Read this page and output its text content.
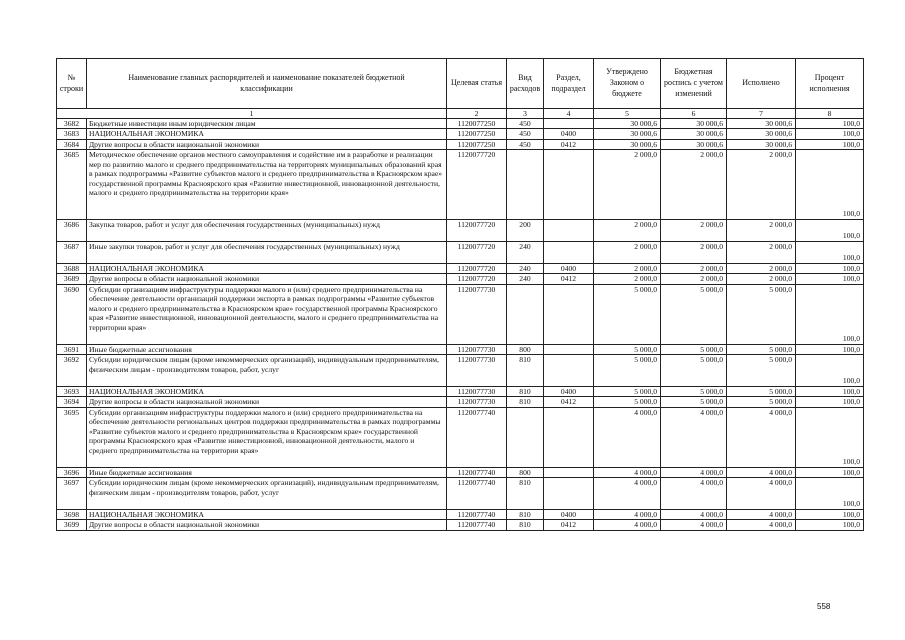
№ строки	Наименование главных распорядителей и наименование показателей бюджетной классификации	Целевая статья	Вид расходов	Раздел, подраздел	Утверждено Законом о бюджете	Бюджетная роспись с учетом изменений	Исполнено	Процент исполнения
1		2	3	4	5	6	7	8
3682	Бюджетные инвестиции иным юридическим лицам	1120077250	450		30 000,6	30 000,6	30 000,6	100,0
3683	НАЦИОНАЛЬНАЯ ЭКОНОМИКА	1120077250	450	0400	30 000,6	30 000,6	30 000,6	100,0
3684	Другие вопросы в области национальной экономики	1120077250	450	0412	30 000,6	30 000,6	30 000,6	100,0
3685	Методическое обеспечение органов местного самоуправления и содействие им в разработке и реализации мер по развитию малого и среднего предпринимательства на территориях муниципальных образований края в рамках подпрограммы «Развитие субъектов малого и среднего предпринимательства в Красноярском крае» государственной программы Красноярского края «Развитие инвестиционной, инновационной деятельности, малого и среднего предпринимательства на территории края»	1120077720			2 000,0	2 000,0	2 000,0	100,0
3686	Закупка товаров, работ и услуг для обеспечения государственных (муниципальных) нужд	1120077720	200		2 000,0	2 000,0	2 000,0	100,0
3687	Иные закупки товаров, работ и услуг для обеспечения государственных (муниципальных) нужд	1120077720	240		2 000,0	2 000,0	2 000,0	100,0
3688	НАЦИОНАЛЬНАЯ ЭКОНОМИКА	1120077720	240	0400	2 000,0	2 000,0	2 000,0	100,0
3689	Другие вопросы в области национальной экономики	1120077720	240	0412	2 000,0	2 000,0	2 000,0	100,0
3690	Субсидии организациям инфраструктуры поддержки малого и (или) среднего предпринимательства на обеспечение деятельности организаций поддержки экспорта в рамках подпрограммы «Развитие субъектов малого и среднего предпринимательства в Красноярском крае» государственной программы Красноярского края «Развитие инвестиционной, инновационной деятельности, малого и среднего предпринимательства на территории края»	1120077730			5 000,0	5 000,0	5 000,0	100,0
3691	Иные бюджетные ассигнования	1120077730	800		5 000,0	5 000,0	5 000,0	100,0
3692	Субсидии юридическим лицам (кроме некоммерческих организаций), индивидуальным предпринимателям, физическим лицам - производителям товаров, работ, услуг	1120077730	810		5 000,0	5 000,0	5 000,0	100,0
3693	НАЦИОНАЛЬНАЯ ЭКОНОМИКА	1120077730	810	0400	5 000,0	5 000,0	5 000,0	100,0
3694	Другие вопросы в области национальной экономики	1120077730	810	0412	5 000,0	5 000,0	5 000,0	100,0
3695	Субсидии организациям инфраструктуры поддержки малого и (или) среднего предпринимательства на обеспечение деятельности региональных центров поддержки предпринимательства в рамках подпрограммы «Развитие субъектов малого и среднего предпринимательства в Красноярском крае» государственной программы Красноярского края «Развитие инвестиционной, инновационной деятельности, малого и среднего предпринимательства на территории края»	1120077740			4 000,0	4 000,0	4 000,0	100,0
3696	Иные бюджетные ассигнования	1120077740	800		4 000,0	4 000,0	4 000,0	100,0
3697	Субсидии юридическим лицам (кроме некоммерческих организаций), индивидуальным предпринимателям, физическим лицам - производителям товаров, работ, услуг	1120077740	810		4 000,0	4 000,0	4 000,0	100,0
3698	НАЦИОНАЛЬНАЯ ЭКОНОМИКА	1120077740	810	0400	4 000,0	4 000,0	4 000,0	100,0
3699	Другие вопросы в области национальной экономики	1120077740	810	0412	4 000,0	4 000,0	4 000,0	100,0
558
